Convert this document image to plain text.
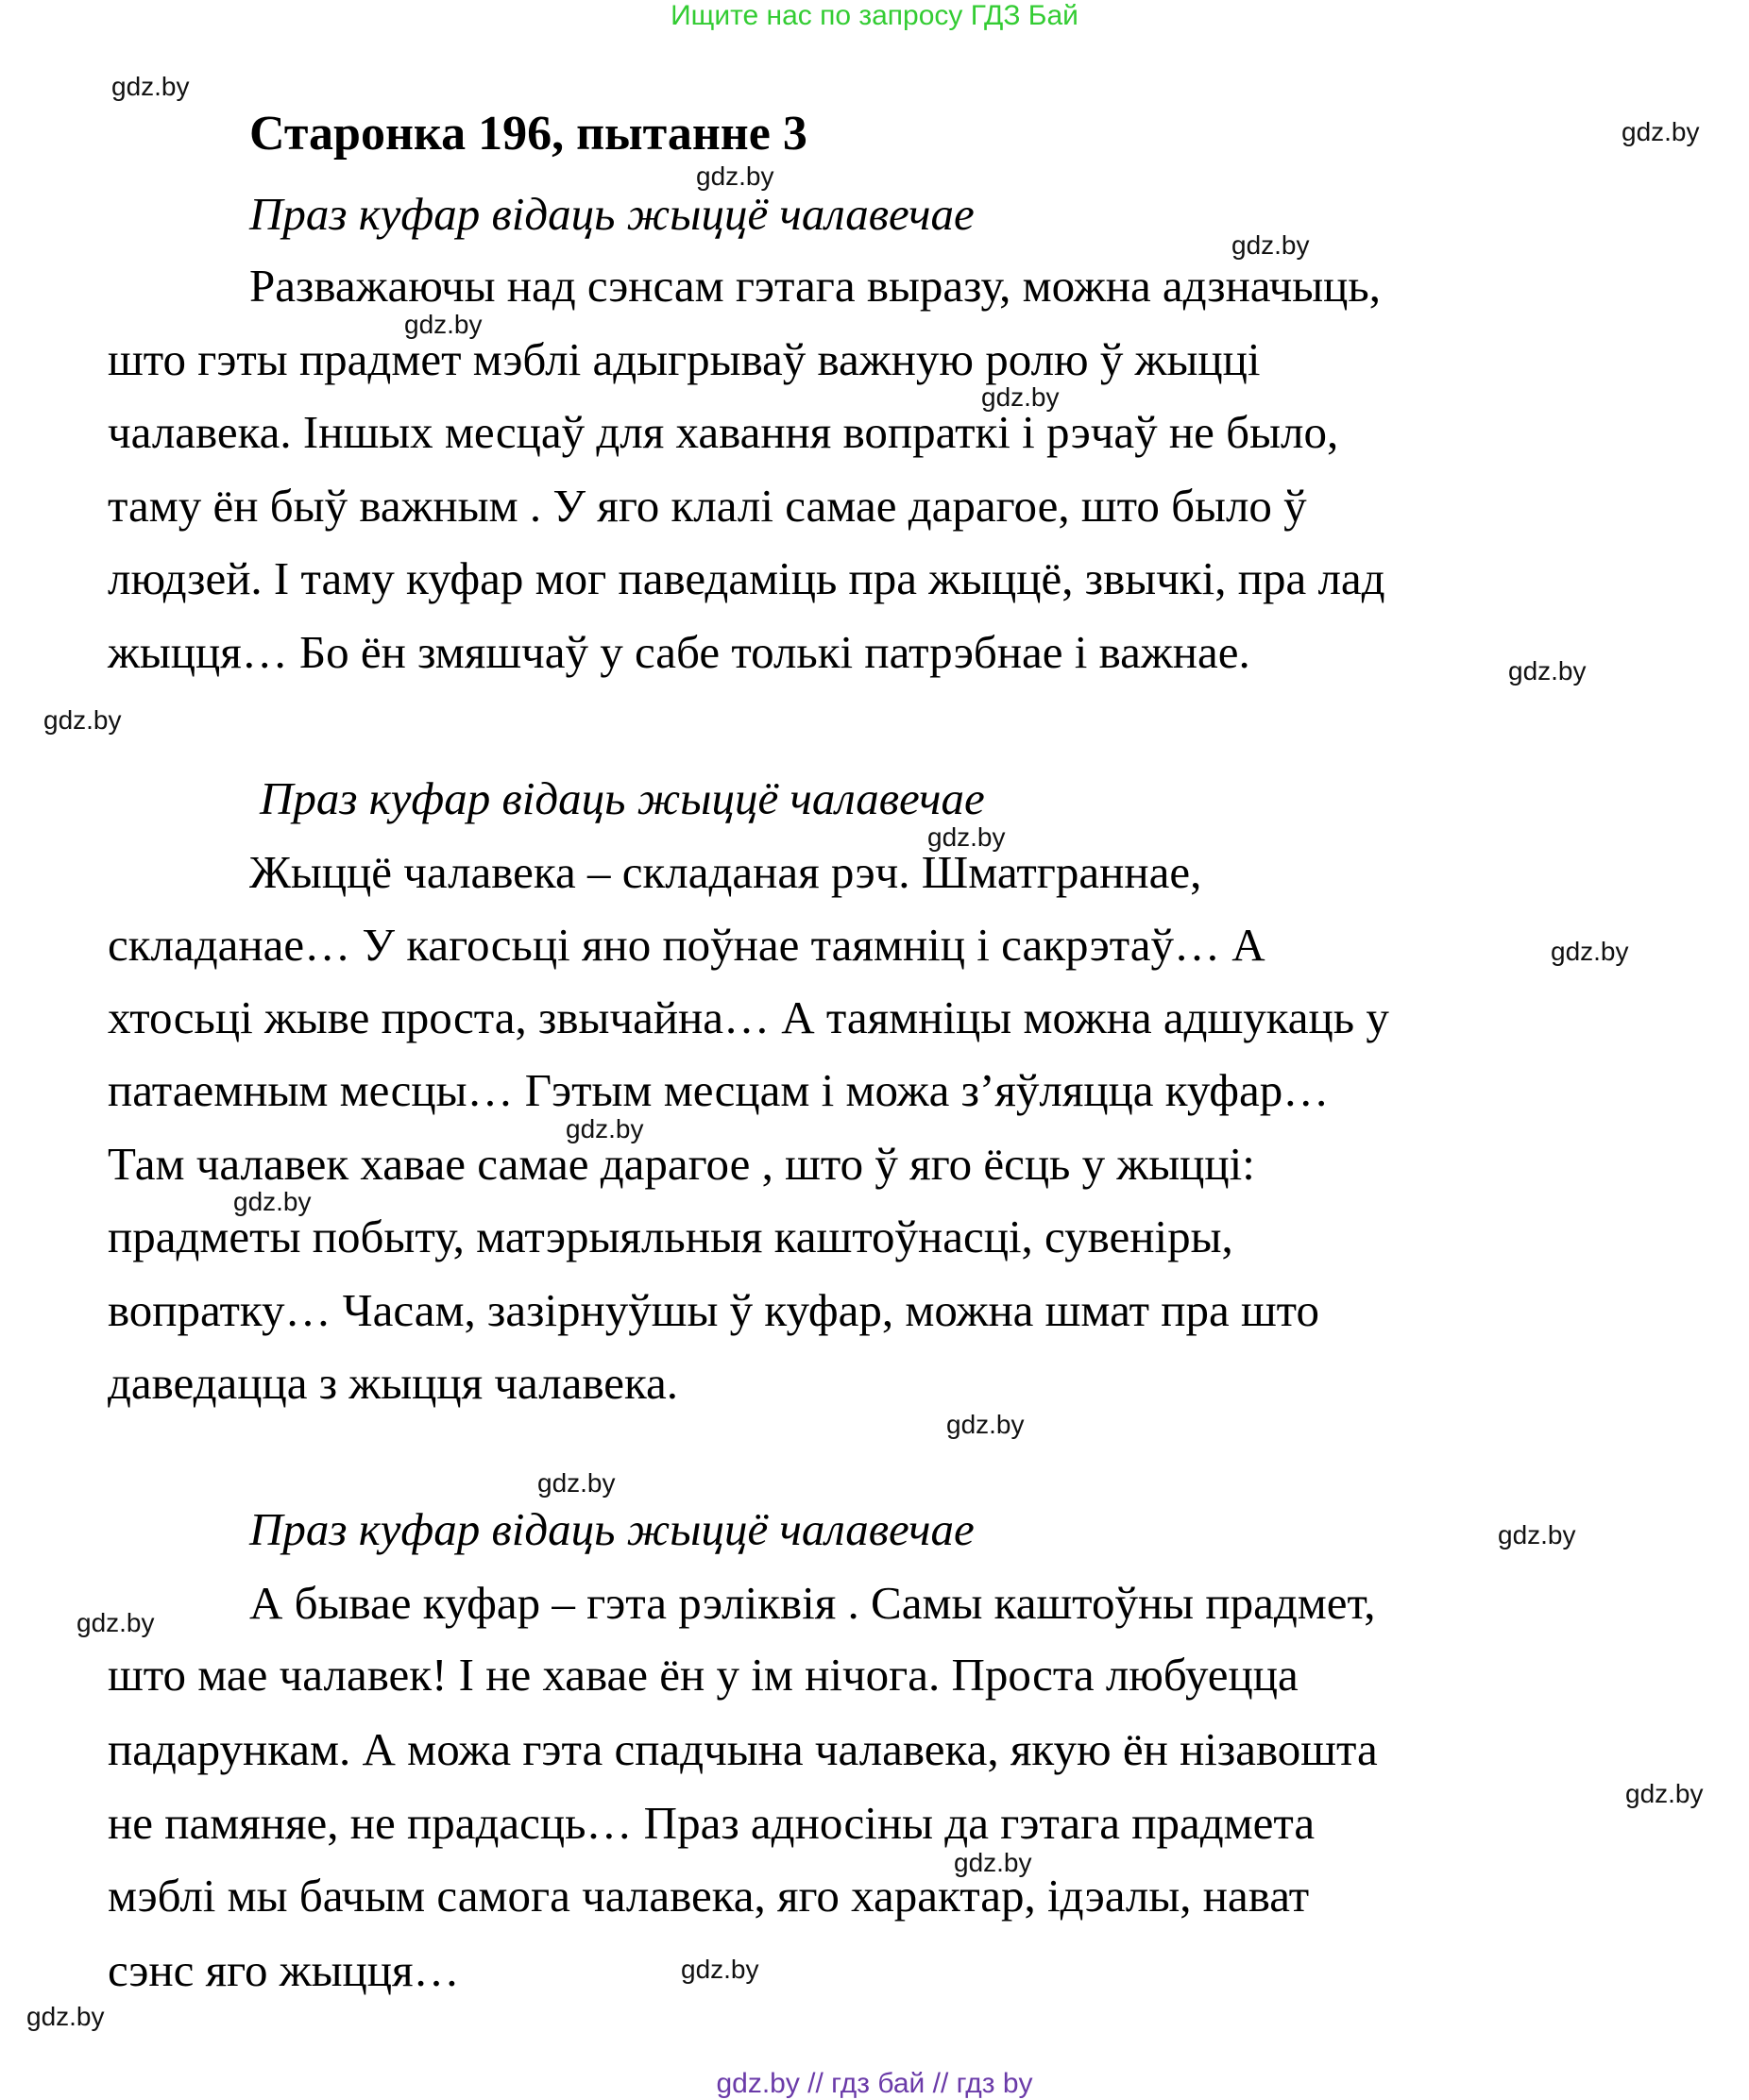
Ищите нас по запросу ГДЗ Бай
Старонка 196, пытанне 3
Праз куфар відаць жыццё чалавечае
Разважаючы над сэнсам гэтага выразу, можна адзначыць,
што гэты прадмет мэблі адыгрываў важную ролю ў жыцці
чалавека. Іншых месцаў для хавання вопраткі і рэчаў не было,
таму ён быў важным . У яго клалі самае дарагое, што было ў
людзей. І таму куфар мог паведаміць пра жыццё, звычкі, пра лад
жыцця… Бо ён змяшчаў у сабе толькі патрэбнае і важнае.
Праз куфар відаць жыццё чалавечае
Жыццё чалавека – складаная рэч. Шматграннае,
складанае… У кагосьці яно поўнае таямніц і сакрэтаў… А
хтосьці жыве проста, звычайна… А таямніцы можна адшукаць у
патаемным месцы… Гэтым месцам і можа з’яўляцца куфар…
Там чалавек хавае самае дарагое , што ў яго ёсць у жыцці:
прадметы побыту, матэрыяльныя каштоўнасці, сувеніры,
вопратку… Часам, зазірнуўшы ў куфар, можна шмат пра што
даведацца з жыцця чалавека.
Праз куфар відаць жыццё чалавечае
А бывае куфар – гэта рэліквія . Самы каштоўны прадмет,
што мае чалавек! І не хавае ён у ім нічога. Проста любуецца
падарункам. А можа гэта спадчына чалавека, якую ён нізавошта
не памяняе, не прадасць… Праз адносіны да гэтага прадмета
мэблі мы бачым самога чалавека, яго характар, ідэалы, нават
сэнс яго жыцця…
gdz.by
gdz.by
gdz.by
gdz.by
gdz.by
gdz.by
gdz.by
gdz.by
gdz.by
gdz.by
gdz.by
gdz.by
gdz.by
gdz.by
gdz.by
gdz.by
gdz.by
gdz.by
gdz.by
gdz.by
gdz.by // гдз бай // гдз by
